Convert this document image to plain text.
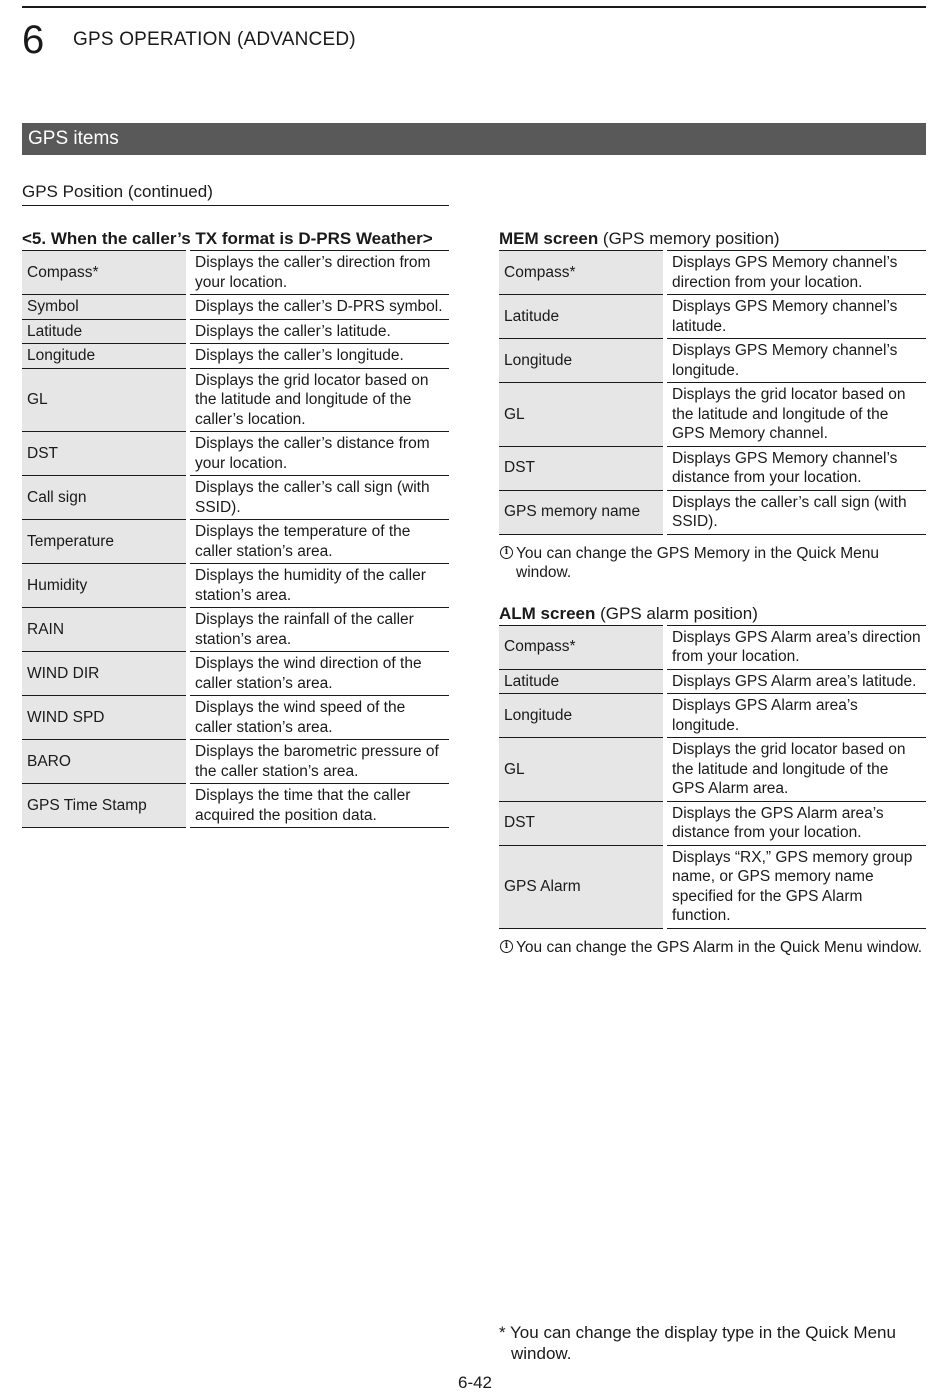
6 GPS OPERATION (ADVANCED)
GPS items
GPS Position (continued)
<5. When the caller’s TX format is D-PRS Weather>
Compass*	Displays the caller’s direction from your location.
Symbol	Displays the caller’s D-PRS symbol.
Latitude	Displays the caller’s latitude.
Longitude	Displays the caller’s longitude.
GL	Displays the grid locator based on the latitude and longitude of the caller’s location.
DST	Displays the caller’s distance from your location.
Call sign	Displays the caller’s call sign (with SSID).
Temperature	Displays the temperature of the caller station’s area.
Humidity	Displays the humidity of the caller station’s area.
RAIN	Displays the rainfall of the caller station’s area.
WIND DIR	Displays the wind direction of the caller station’s area.
WIND SPD	Displays the wind speed of the caller station’s area.
BARO	Displays the barometric pressure of the caller station’s area.
GPS Time Stamp	Displays the time that the caller acquired the position data.
MEM screen (GPS memory position)
Compass*	Displays GPS Memory channel’s direction from your location.
Latitude	Displays GPS Memory channel’s latitude.
Longitude	Displays GPS Memory channel’s longitude.
GL	Displays the grid locator based on the latitude and longitude of the GPS Memory channel.
DST	Displays GPS Memory channel’s distance from your location.
GPS memory name	Displays the caller’s call sign (with SSID).
i You can change the GPS Memory in the Quick Menu window.
ALM screen (GPS alarm position)
Compass*	Displays GPS Alarm area’s direction from your location.
Latitude	Displays GPS Alarm area’s latitude.
Longitude	Displays GPS Alarm area’s longitude.
GL	Displays the grid locator based on the latitude and longitude of the GPS Alarm area.
DST	Displays the GPS Alarm area’s distance from your location.
GPS Alarm	Displays “RX,” GPS memory group name, or GPS memory name specified for the GPS Alarm function.
i You can change the GPS Alarm in the Quick Menu window.
* You can change the display type in the Quick Menu window.
6-42
